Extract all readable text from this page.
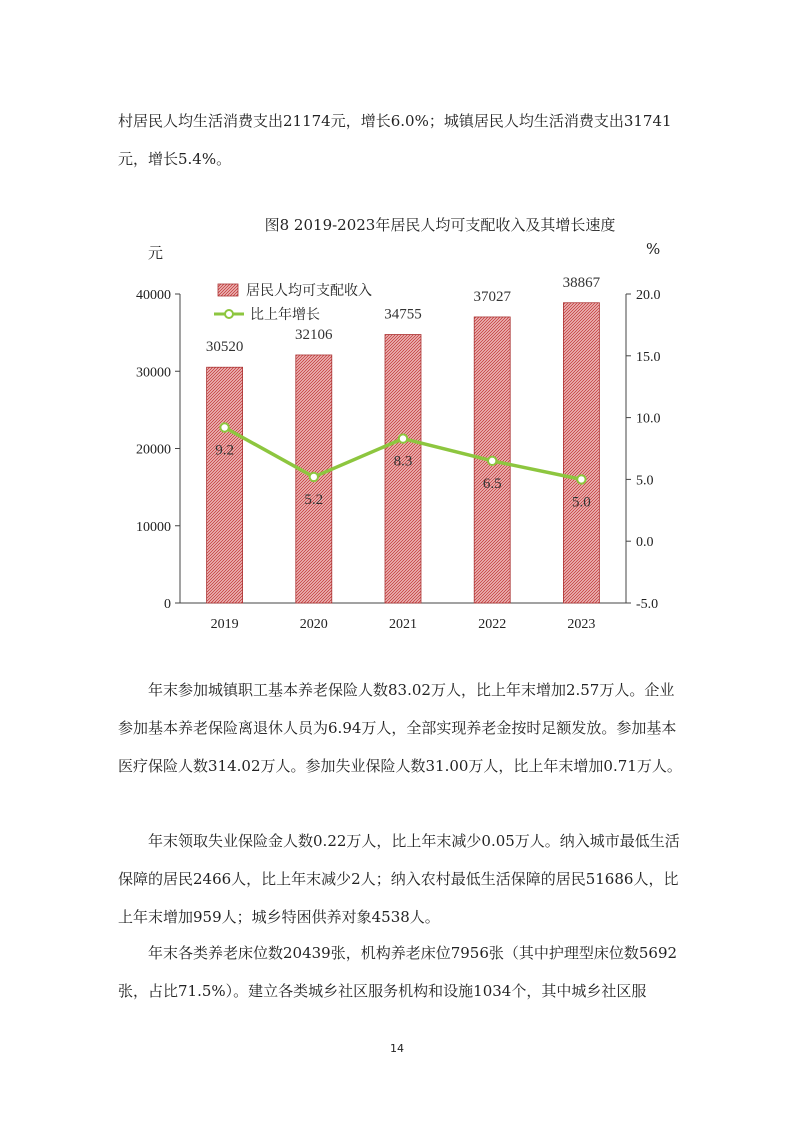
村居民人均生活消费支出21174元，增长6.0%；城镇居民人均生活消费支出31741元，增长5.4%。

图8 2019-2023年居民人均可支配收入及其增长速度
元	%
0
10000
20000
30000
40000
-5.0
0.0
5.0
10.0
15.0
20.0
30520
32106
34755
37027
38867
9.2
5.2
8.3
6.5
5.0
2019	2020	2021	2022	2023
居民人均可支配收入
比上年增长

年末参加城镇职工基本养老保险人数83.02万人，比上年末增加2.57万人。企业参加基本养老保险离退休人员为6.94万人，全部实现养老金按时足额发放。参加基本医疗保险人数314.02万人。参加失业保险人数31.00万人，比上年末增加0.71万人。

年末领取失业保险金人数0.22万人，比上年末减少0.05万人。纳入城市最低生活保障的居民2466人，比上年末减少2人；纳入农村最低生活保障的居民51686人，比上年末增加959人；城乡特困供养对象4538人。

年末各类养老床位数20439张，机构养老床位7956张（其中护理型床位数5692张，占比71.5%）。建立各类城乡社区服务机构和设施1034个，其中城乡社区服

14
